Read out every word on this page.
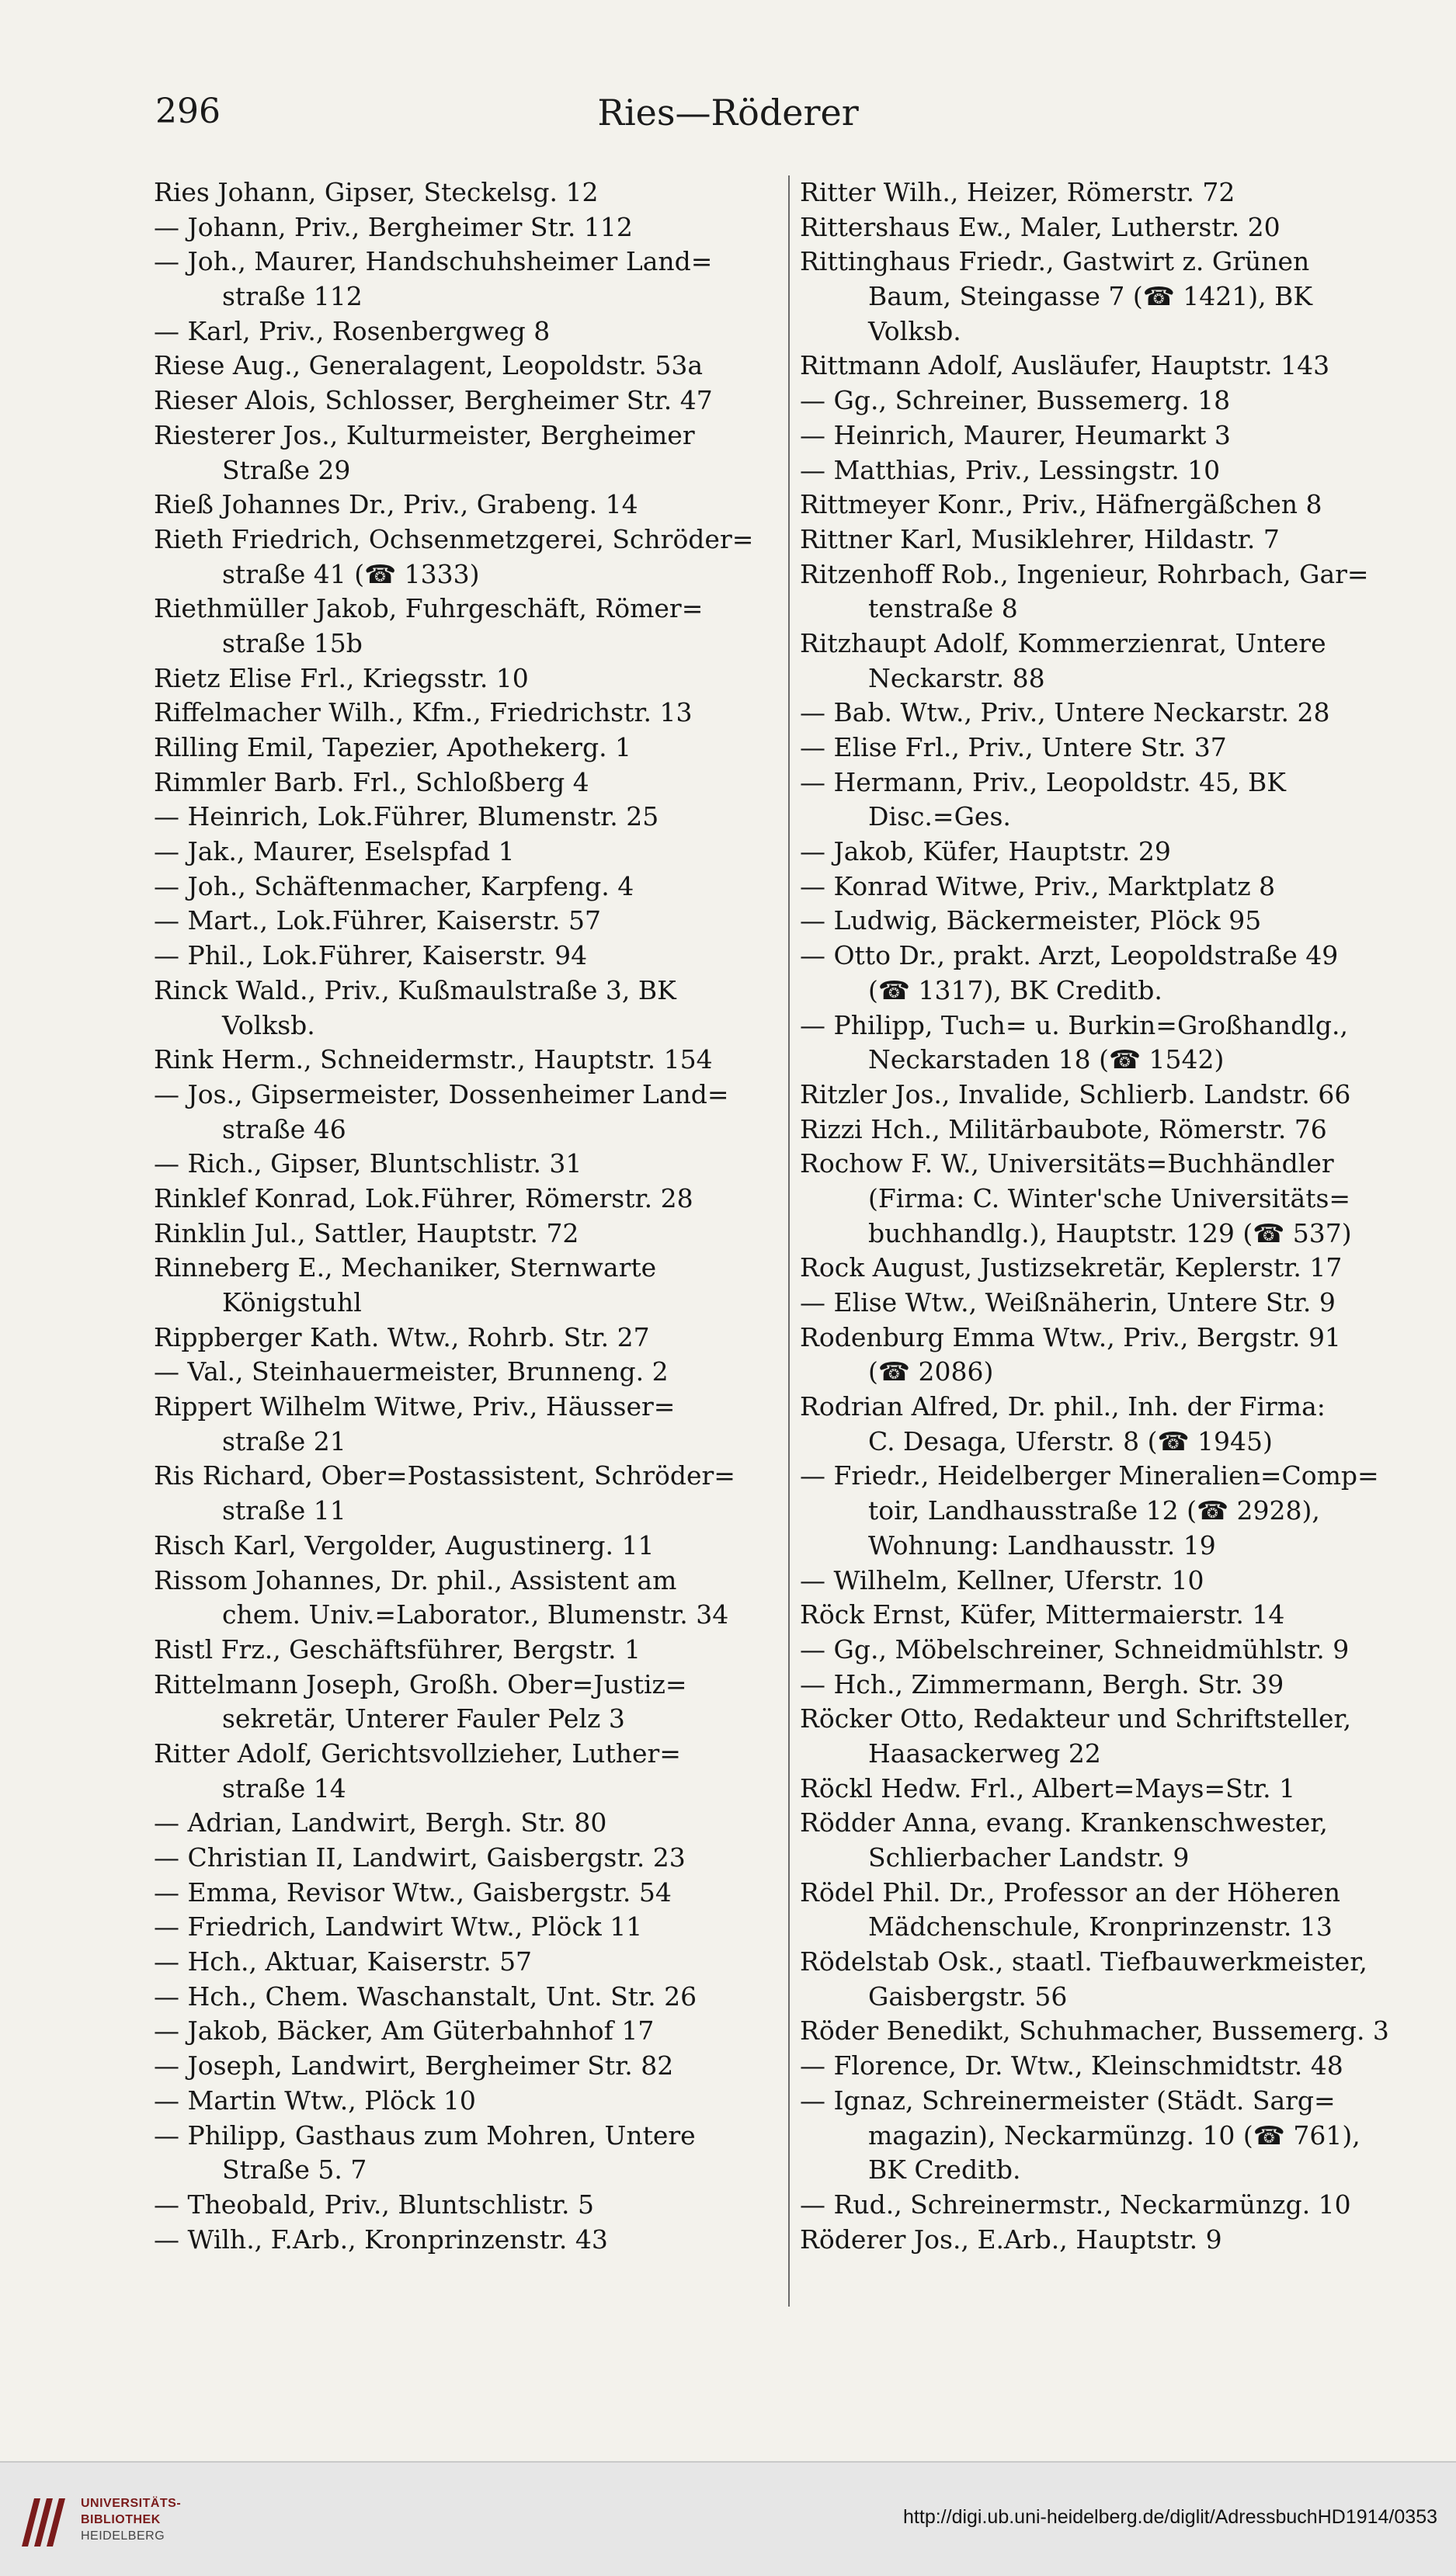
296	Ries—Röderer
Ries Johann, Gipser, Steckelsg. 12
— Johann, Priv., Bergheimer Str. 112
— Joh., Maurer, Handschuhsheimer Land=
straße 112
— Karl, Priv., Rosenbergweg 8
Riese Aug., Generalagent, Leopoldstr. 53a
Rieser Alois, Schlosser, Bergheimer Str. 47
Riesterer Jos., Kulturmeister, Bergheimer
Straße 29
Rieß Johannes Dr., Priv., Grabeng. 14
Rieth Friedrich, Ochsenmetzgerei, Schröder=
straße 41 (☎ 1333)
Riethmüller Jakob, Fuhrgeschäft, Römer=
straße 15b
Rietz Elise Frl., Kriegsstr. 10
Riffelmacher Wilh., Kfm., Friedrichstr. 13
Rilling Emil, Tapezier, Apothekerg. 1
Rimmler Barb. Frl., Schloßberg 4
— Heinrich, Lok.Führer, Blumenstr. 25
— Jak., Maurer, Eselspfad 1
— Joh., Schäftenmacher, Karpfeng. 4
— Mart., Lok.Führer, Kaiserstr. 57
— Phil., Lok.Führer, Kaiserstr. 94
Rinck Wald., Priv., Kußmaulstraße 3, BK
Volksb.
Rink Herm., Schneidermstr., Hauptstr. 154
— Jos., Gipsermeister, Dossenheimer Land=
straße 46
— Rich., Gipser, Bluntschlistr. 31
Rinklef Konrad, Lok.Führer, Römerstr. 28
Rinklin Jul., Sattler, Hauptstr. 72
Rinneberg E., Mechaniker, Sternwarte
Königstuhl
Rippberger Kath. Wtw., Rohrb. Str. 27
— Val., Steinhauermeister, Brunneng. 2
Rippert Wilhelm Witwe, Priv., Häusser=
straße 21
Ris Richard, Ober=Postassistent, Schröder=
straße 11
Risch Karl, Vergolder, Augustinerg. 11
Rissom Johannes, Dr. phil., Assistent am
chem. Univ.=Laborator., Blumenstr. 34
Ristl Frz., Geschäftsführer, Bergstr. 1
Rittelmann Joseph, Großh. Ober=Justiz=
sekretär, Unterer Fauler Pelz 3
Ritter Adolf, Gerichtsvollzieher, Luther=
straße 14
— Adrian, Landwirt, Bergh. Str. 80
— Christian II, Landwirt, Gaisbergstr. 23
— Emma, Revisor Wtw., Gaisbergstr. 54
— Friedrich, Landwirt Wtw., Plöck 11
— Hch., Aktuar, Kaiserstr. 57
— Hch., Chem. Waschanstalt, Unt. Str. 26
— Jakob, Bäcker, Am Güterbahnhof 17
— Joseph, Landwirt, Bergheimer Str. 82
— Martin Wtw., Plöck 10
— Philipp, Gasthaus zum Mohren, Untere
Straße 5. 7
— Theobald, Priv., Bluntschlistr. 5
— Wilh., F.Arb., Kronprinzenstr. 43
Ritter Wilh., Heizer, Römerstr. 72
Rittershaus Ew., Maler, Lutherstr. 20
Rittinghaus Friedr., Gastwirt z. Grünen
Baum, Steingasse 7 (☎ 1421), BK
Volksb.
Rittmann Adolf, Ausläufer, Hauptstr. 143
— Gg., Schreiner, Bussemerg. 18
— Heinrich, Maurer, Heumarkt 3
— Matthias, Priv., Lessingstr. 10
Rittmeyer Konr., Priv., Häfnergäßchen 8
Rittner Karl, Musiklehrer, Hildastr. 7
Ritzenhoff Rob., Ingenieur, Rohrbach, Gar=
tenstraße 8
Ritzhaupt Adolf, Kommerzienrat, Untere
Neckarstr. 88
— Bab. Wtw., Priv., Untere Neckarstr. 28
— Elise Frl., Priv., Untere Str. 37
— Hermann, Priv., Leopoldstr. 45, BK
Disc.=Ges.
— Jakob, Küfer, Hauptstr. 29
— Konrad Witwe, Priv., Marktplatz 8
— Ludwig, Bäckermeister, Plöck 95
— Otto Dr., prakt. Arzt, Leopoldstraße 49
(☎ 1317), BK Creditb.
— Philipp, Tuch= u. Burkin=Großhandlg.,
Neckarstaden 18 (☎ 1542)
Ritzler Jos., Invalide, Schlierb. Landstr. 66
Rizzi Hch., Militärbaubote, Römerstr. 76
Rochow F. W., Universitäts=Buchhändler
(Firma: C. Winter'sche Universitäts=
buchhandlg.), Hauptstr. 129 (☎ 537)
Rock August, Justizsekretär, Keplerstr. 17
— Elise Wtw., Weißnäherin, Untere Str. 9
Rodenburg Emma Wtw., Priv., Bergstr. 91
(☎ 2086)
Rodrian Alfred, Dr. phil., Inh. der Firma:
C. Desaga, Uferstr. 8 (☎ 1945)
— Friedr., Heidelberger Mineralien=Comp=
toir, Landhausstraße 12 (☎ 2928),
Wohnung: Landhausstr. 19
— Wilhelm, Kellner, Uferstr. 10
Röck Ernst, Küfer, Mittermaierstr. 14
— Gg., Möbelschreiner, Schneidmühlstr. 9
— Hch., Zimmermann, Bergh. Str. 39
Röcker Otto, Redakteur und Schriftsteller,
Haasackerweg 22
Röckl Hedw. Frl., Albert=Mays=Str. 1
Rödder Anna, evang. Krankenschwester,
Schlierbacher Landstr. 9
Rödel Phil. Dr., Professor an der Höheren
Mädchenschule, Kronprinzenstr. 13
Rödelstab Osk., staatl. Tiefbauwerkmeister,
Gaisbergstr. 56
Röder Benedikt, Schuhmacher, Bussemerg. 3
— Florence, Dr. Wtw., Kleinschmidtstr. 48
— Ignaz, Schreinermeister (Städt. Sarg=
magazin), Neckarmünzg. 10 (☎ 761),
BK Creditb.
— Rud., Schreinermstr., Neckarmünzg. 10
Röderer Jos., E.Arb., Hauptstr. 9
UNIVERSITÄTS-
BIBLIOTHEK
HEIDELBERG
http://digi.ub.uni-heidelberg.de/diglit/AdressbuchHD1914/0353
